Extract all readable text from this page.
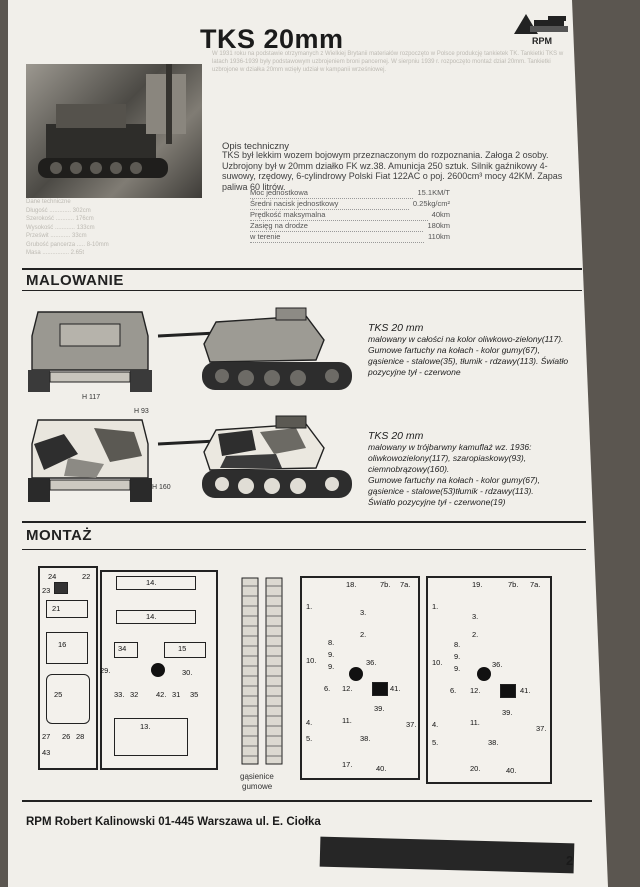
TKS 20mm	RPM
W 1931 roku na podstawie otrzymanych z Wielkiej Brytanii materiałów rozpoczęto w Polsce produkcję tankietek TK. Tankietki TKS w latach 1936-1939 były podstawowym uzbrojeniem broni pancernej. W sierpniu 1939 r. rozpoczęto montaż dział 20mm. Tankietki uzbrojone w działka 20mm wzięły udział w kampanii wrześniowej.
Opis techniczny
TKS był lekkim wozem bojowym przeznaczonym do rozpoznania. Załoga 2 osoby. Uzbrojony był w 20mm działko FK wz.38. Amunicja 250 sztuk. Silnik gaźnikowy 4-suwowy, rzędowy, 6-cylindrowy Polski Fiat 122AC o poj. 2600cm³ mocy 42KM. Zapas paliwa 60 litrów.
Dane techniczne
Długość ............. 302cm
Szerokość ........... 176cm
Wysokość ............ 133cm
Prześwit ............ 33cm
Grubość pancerza ..... 8-10mm
Masa ................ 2.65t
Moc jednostkowa	15.1KM/T
Średni nacisk jednostkowy	0.25kg/cm²
Prędkość maksymalna	40km
Zasięg na drodze	180km
w terenie	110km
MALOWANIE
H 117
H 93
TKS 20 mm
malowany w całości na kolor oliwkowo-zielony(117).
Gumowe fartuchy na kołach - kolor gumy(67),
gąsienice - stalowe(35), tłumik - rdzawy(113). Światło
pozycyjne tył - czerwone
H 160
TKS 20 mm
malowany w trójbarwny kamuflaż wz. 1936:
oliwkowozielony(117), szaropiaskowy(93),
ciemnobrązowy(160).
Gumowe fartuchy na kołach - kolor gumy(67),
gąsienice - stalowe(53)tłumik - rdzawy(113).
Światło pozycyjne tył - czerwone(19)
MONTAŻ
24	22
23
21
16
25
27 26 28
43
14.
14.
34	15
29.	30.
33. 32 42. 31 35
13.
gąsienice
gumowe
1.
18.	7b. 7a.
3.
2.
8.
9.
10.
9.	36.
6. 12.	41.
39.
4.	11.	37.
5.	38.
17.	40.
1.
19.	7b. 7a.
3.
2.
8.
9.
10.
9.	36.
6. 12.	41.
39.
4.	11.
37.
5.	38.
20.	40.
RPM Robert Kalinowski 01-445 Warszawa ul. E. Ciołka
2
